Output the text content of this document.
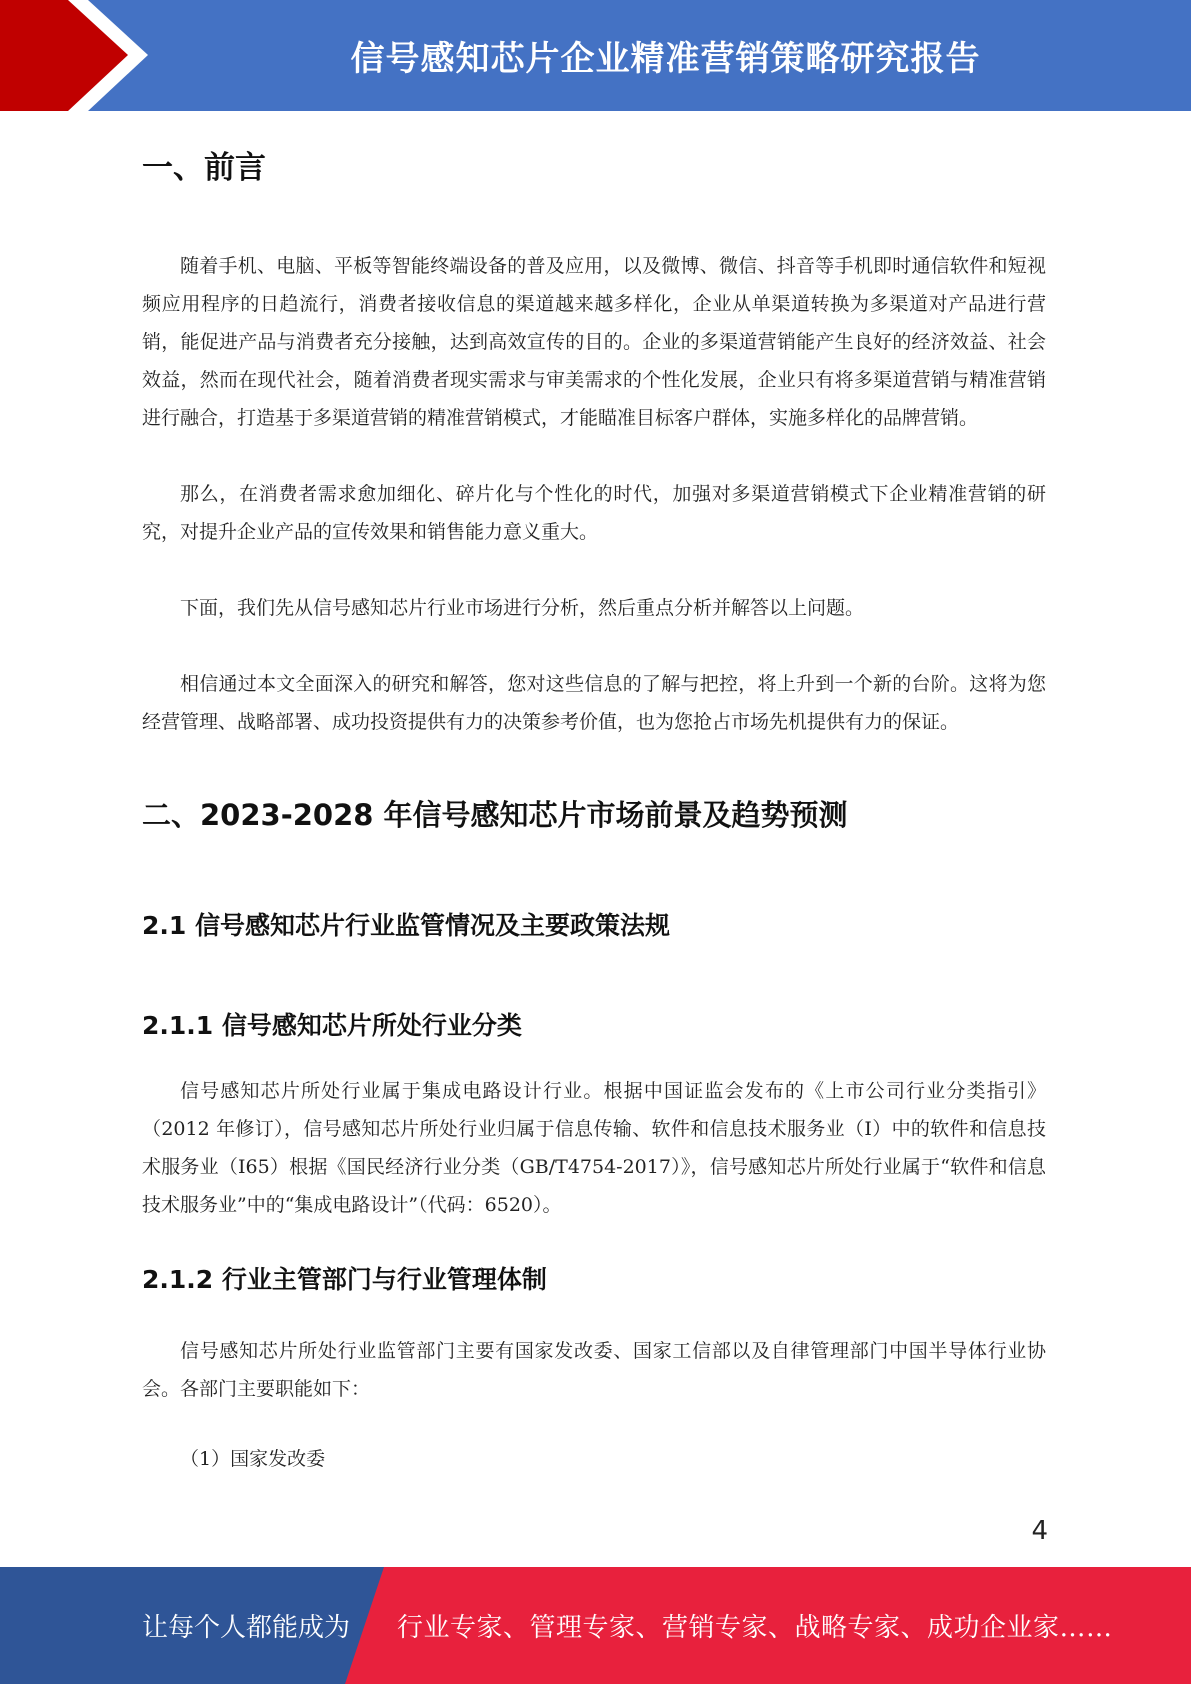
信号感知芯片企业精准营销策略研究报告
一、前言

随着手机、电脑、平板等智能终端设备的普及应用，以及微博、微信、抖音等手机即时通信软件和短视频应用程序的日趋流行，消费者接收信息的渠道越来越多样化，企业从单渠道转换为多渠道对产品进行营销，能促进产品与消费者充分接触，达到高效宣传的目的。企业的多渠道营销能产生良好的经济效益、社会效益，然而在现代社会，随着消费者现实需求与审美需求的个性化发展，企业只有将多渠道营销与精准营销进行融合，打造基于多渠道营销的精准营销模式，才能瞄准目标客户群体，实施多样化的品牌营销。

那么，在消费者需求愈加细化、碎片化与个性化的时代，加强对多渠道营销模式下企业精准营销的研究，对提升企业产品的宣传效果和销售能力意义重大。

下面，我们先从信号感知芯片行业市场进行分析，然后重点分析并解答以上问题。

相信通过本文全面深入的研究和解答，您对这些信息的了解与把控，将上升到一个新的台阶。这将为您经营管理、战略部署、成功投资提供有力的决策参考价值，也为您抢占市场先机提供有力的保证。

二、2023-2028 年信号感知芯片市场前景及趋势预测
2.1 信号感知芯片行业监管情况及主要政策法规
2.1.1 信号感知芯片所处行业分类

信号感知芯片所处行业属于集成电路设计行业。根据中国证监会发布的《上市公司行业分类指引》（2012 年修订），信号感知芯片所处行业归属于信息传输、软件和信息技术服务业（I）中的软件和信息技术服务业（I65）根据《国民经济行业分类（GB/T4754-2017）》，信号感知芯片所处行业属于“软件和信息技术服务业”中的“集成电路设计”（代码：6520）。

2.1.2 行业主管部门与行业管理体制

信号感知芯片所处行业监管部门主要有国家发改委、国家工信部以及自律管理部门中国半导体行业协会。各部门主要职能如下：

（1）国家发改委

4
让每个人都能成为 行业专家、管理专家、营销专家、战略专家、成功企业家……
